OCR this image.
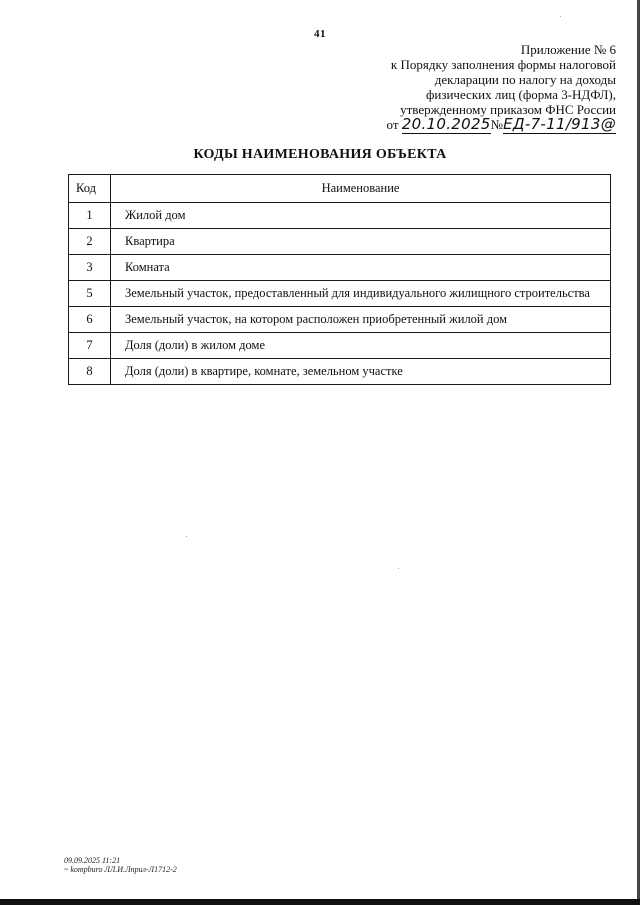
41
Приложение № 6
к Порядку заполнения формы налоговой
декларации по налогу на доходы
физических лиц (форма 3-НДФЛ),
утвержденному приказом ФНС России
от 20.10.2025№ЕД-7-11/913@
КОДЫ НАИМЕНОВАНИЯ ОБЪЕКТА
Код	Наименование
1	Жилой дом
2	Квартира
3	Комната
5	Земельный участок, предоставленный для индивидуального жилищного строительства
6	Земельный участок, на котором расположен приобретенный жилой дом
7	Доля (доли) в жилом доме
8	Доля (доли) в квартире, комнате, земельном участке
09.09.2025 11:21
~ kompburo ЛЛ.И.Лприл-Л1712-2
